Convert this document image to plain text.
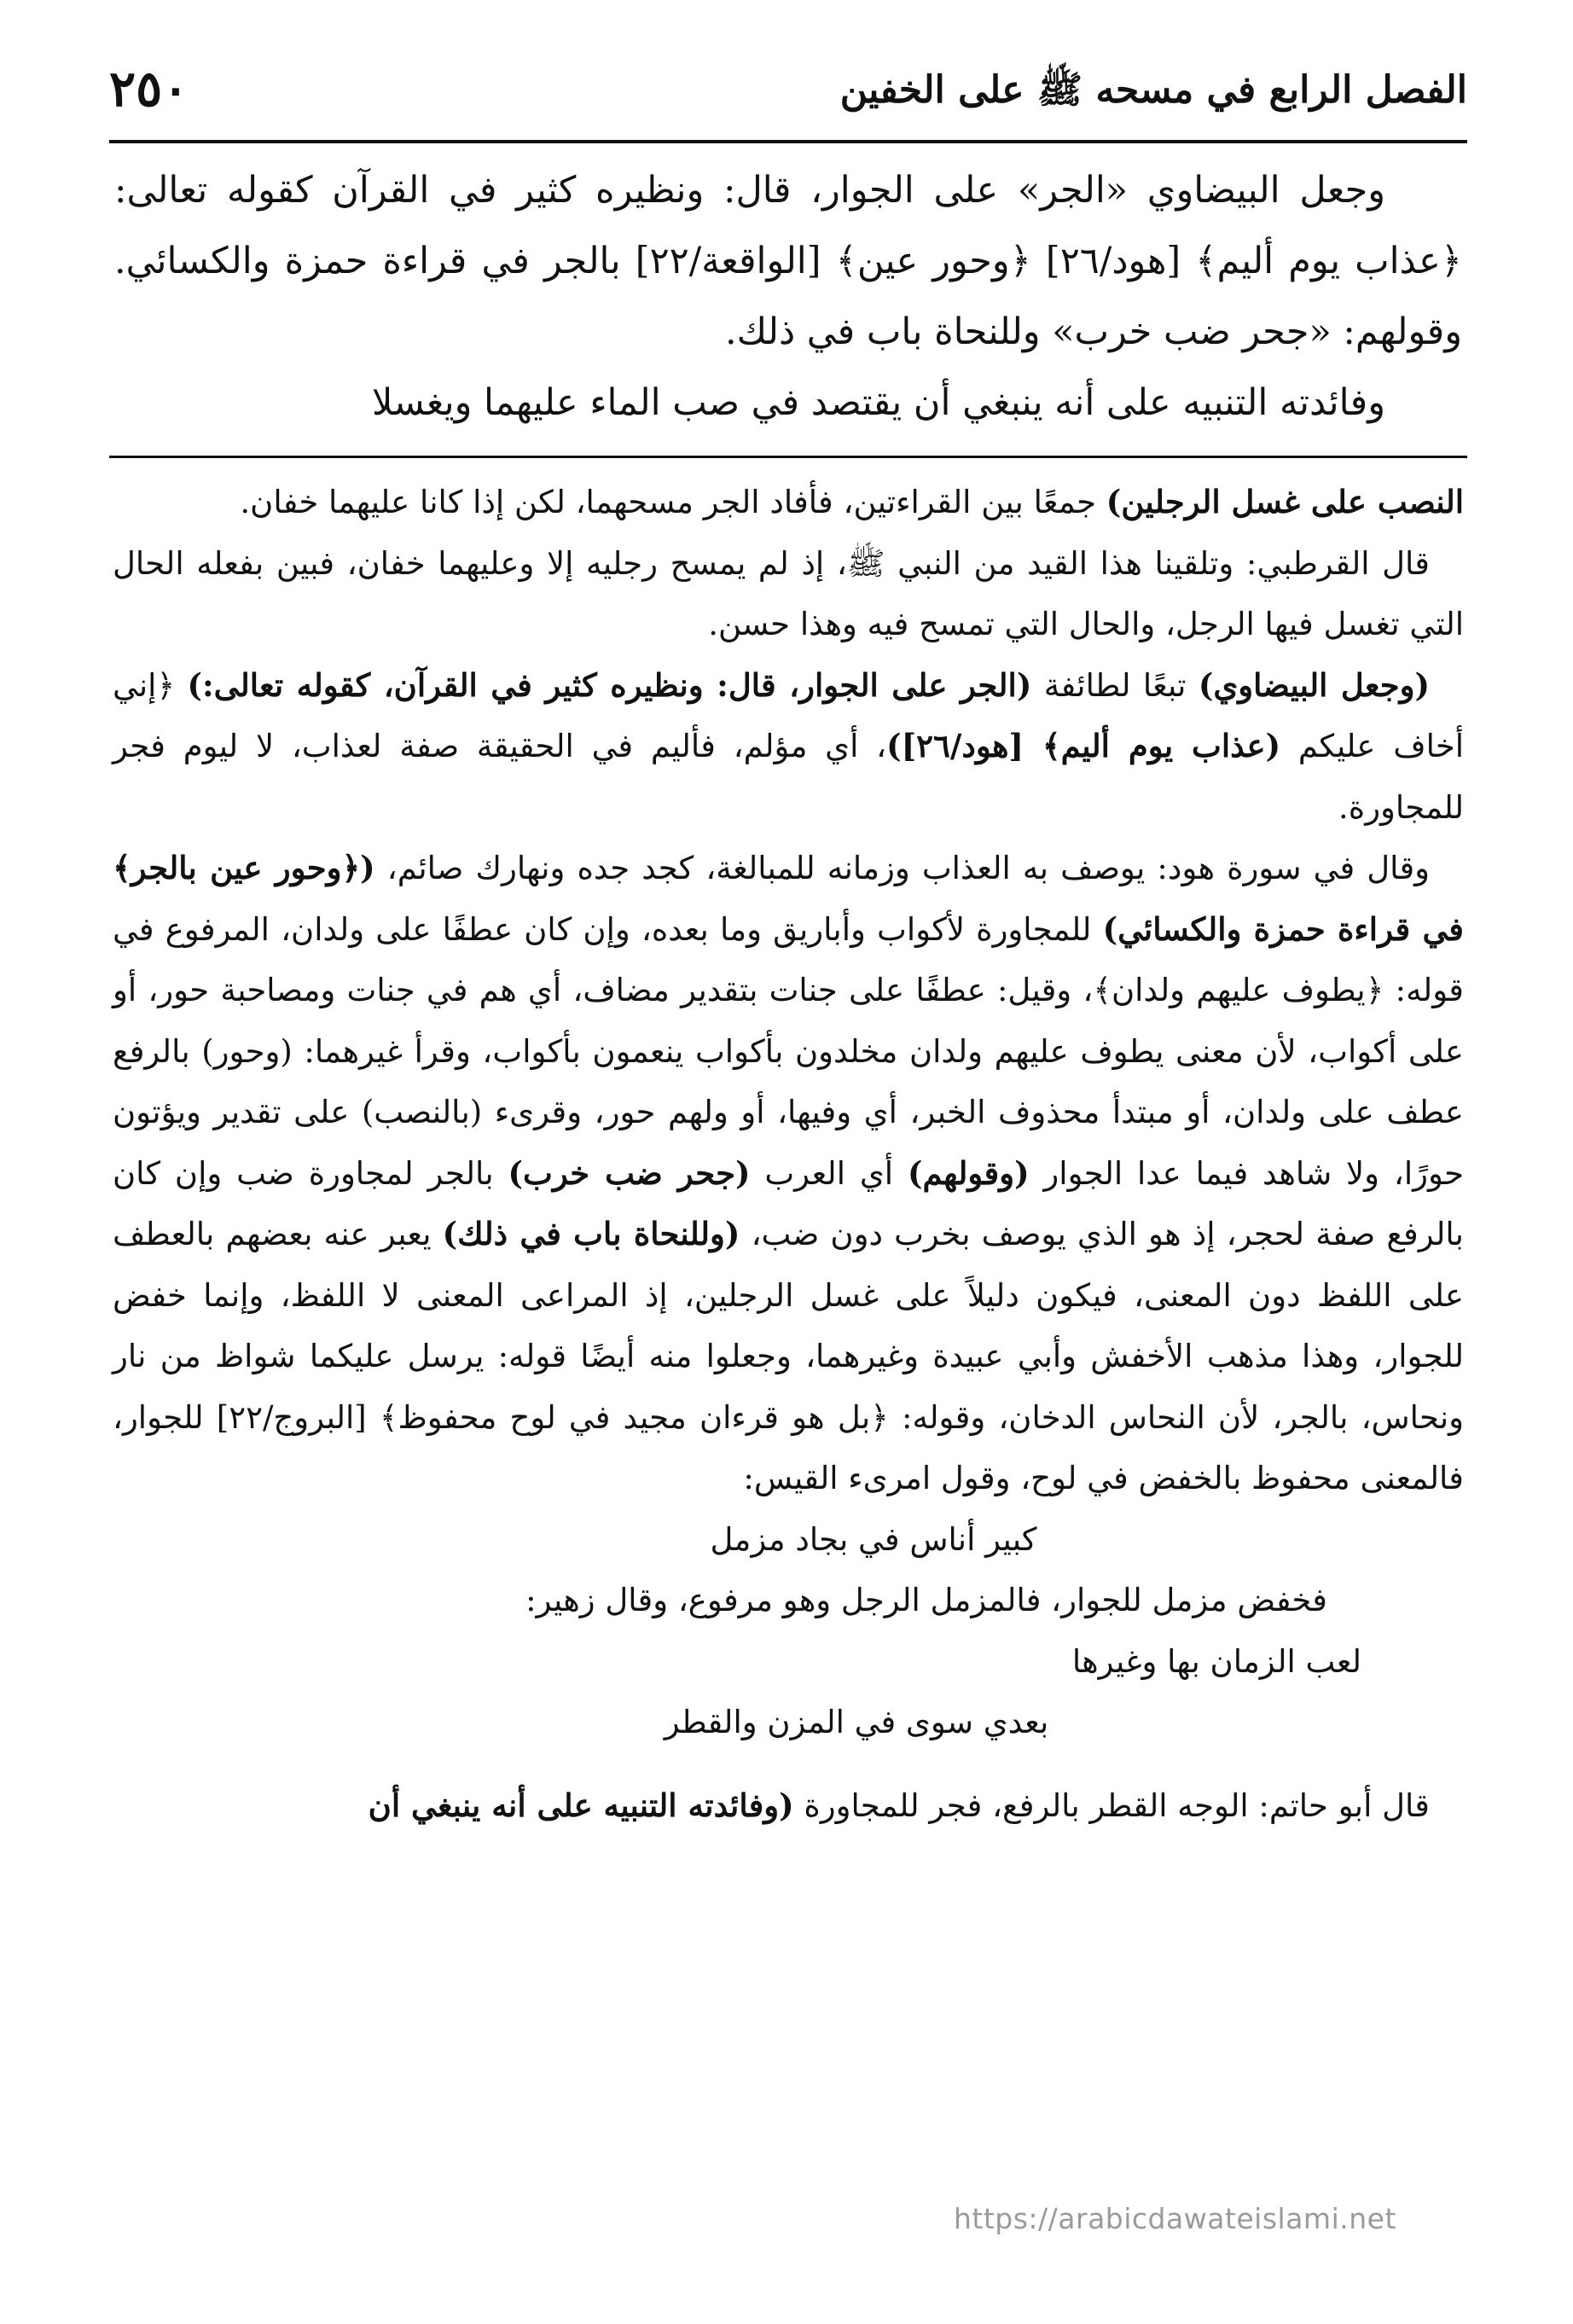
الفصل الرابع في مسحه ﷺ على الخفين
٢٥٠

وجعل البيضاوي «الجر» على الجوار، قال: ونظيره كثير في القرآن كقوله تعالى: ﴿عذاب يوم أليم﴾ [هود/٢٦] ﴿وحور عين﴾ [الواقعة/٢٢] بالجر في قراءة حمزة والكسائي. وقولهم: «جحر ضب خرب» وللنحاة باب في ذلك.

وفائدته التنبيه على أنه ينبغي أن يقتصد في صب الماء عليهما ويغسلا

النصب على غسل الرجلين) جمعًا بين القراءتين، فأفاد الجر مسحهما، لكن إذا كانا عليهما خفان.

قال القرطبي: وتلقينا هذا القيد من النبي ﷺ، إذ لم يمسح رجليه إلا وعليهما خفان، فبين بفعله الحال التي تغسل فيها الرجل، والحال التي تمسح فيه وهذا حسن.

(وجعل البيضاوي) تبعًا لطائفة (الجر على الجوار، قال: ونظيره كثير في القرآن، كقوله تعالى:) ﴿إني أخاف عليكم (عذاب يوم أليم﴾ [هود/٢٦])، أي مؤلم، فأليم في الحقيقة صفة لعذاب، لا ليوم فجر للمجاورة.

وقال في سورة هود: يوصف به العذاب وزمانه للمبالغة، كجد جده ونهارك صائم، (﴿وحور عين بالجر﴾ في قراءة حمزة والكسائي) للمجاورة لأكواب وأباريق وما بعده، وإن كان عطفًا على ولدان، المرفوع في قوله: ﴿يطوف عليهم ولدان﴾، وقيل: عطفًا على جنات بتقدير مضاف، أي هم في جنات ومصاحبة حور، أو على أكواب، لأن معنى يطوف عليهم ولدان مخلدون بأكواب ينعمون بأكواب، وقرأ غيرهما: (وحور) بالرفع عطف على ولدان، أو مبتدأ محذوف الخبر، أي وفيها، أو ولهم حور، وقرىء (بالنصب) على تقدير ويؤتون حورًا، ولا شاهد فيما عدا الجوار (وقولهم) أي العرب (جحر ضب خرب) بالجر لمجاورة ضب وإن كان بالرفع صفة لحجر، إذ هو الذي يوصف بخرب دون ضب، (وللنحاة باب في ذلك) يعبر عنه بعضهم بالعطف على اللفظ دون المعنى، فيكون دليلاً على غسل الرجلين، إذ المراعى المعنى لا اللفظ، وإنما خفض للجوار، وهذا مذهب الأخفش وأبي عبيدة وغيرهما، وجعلوا منه أيضًا قوله: يرسل عليكما شواظ من نار ونحاس، بالجر، لأن النحاس الدخان، وقوله: ﴿بل هو قرءان مجيد في لوح محفوظ﴾ [البروج/٢٢] للجوار، فالمعنى محفوظ بالخفض في لوح، وقول امرىء القيس:

كبير أناس في بجاد مزمل

فخفض مزمل للجوار، فالمزمل الرجل وهو مرفوع، وقال زهير:

لعب الزمان بها وغيرها
بعدي سوى في المزن والقطر

قال أبو حاتم: الوجه القطر بالرفع، فجر للمجاورة (وفائدته التنبيه على أنه ينبغي أن

https://arabicdawateislami.net
